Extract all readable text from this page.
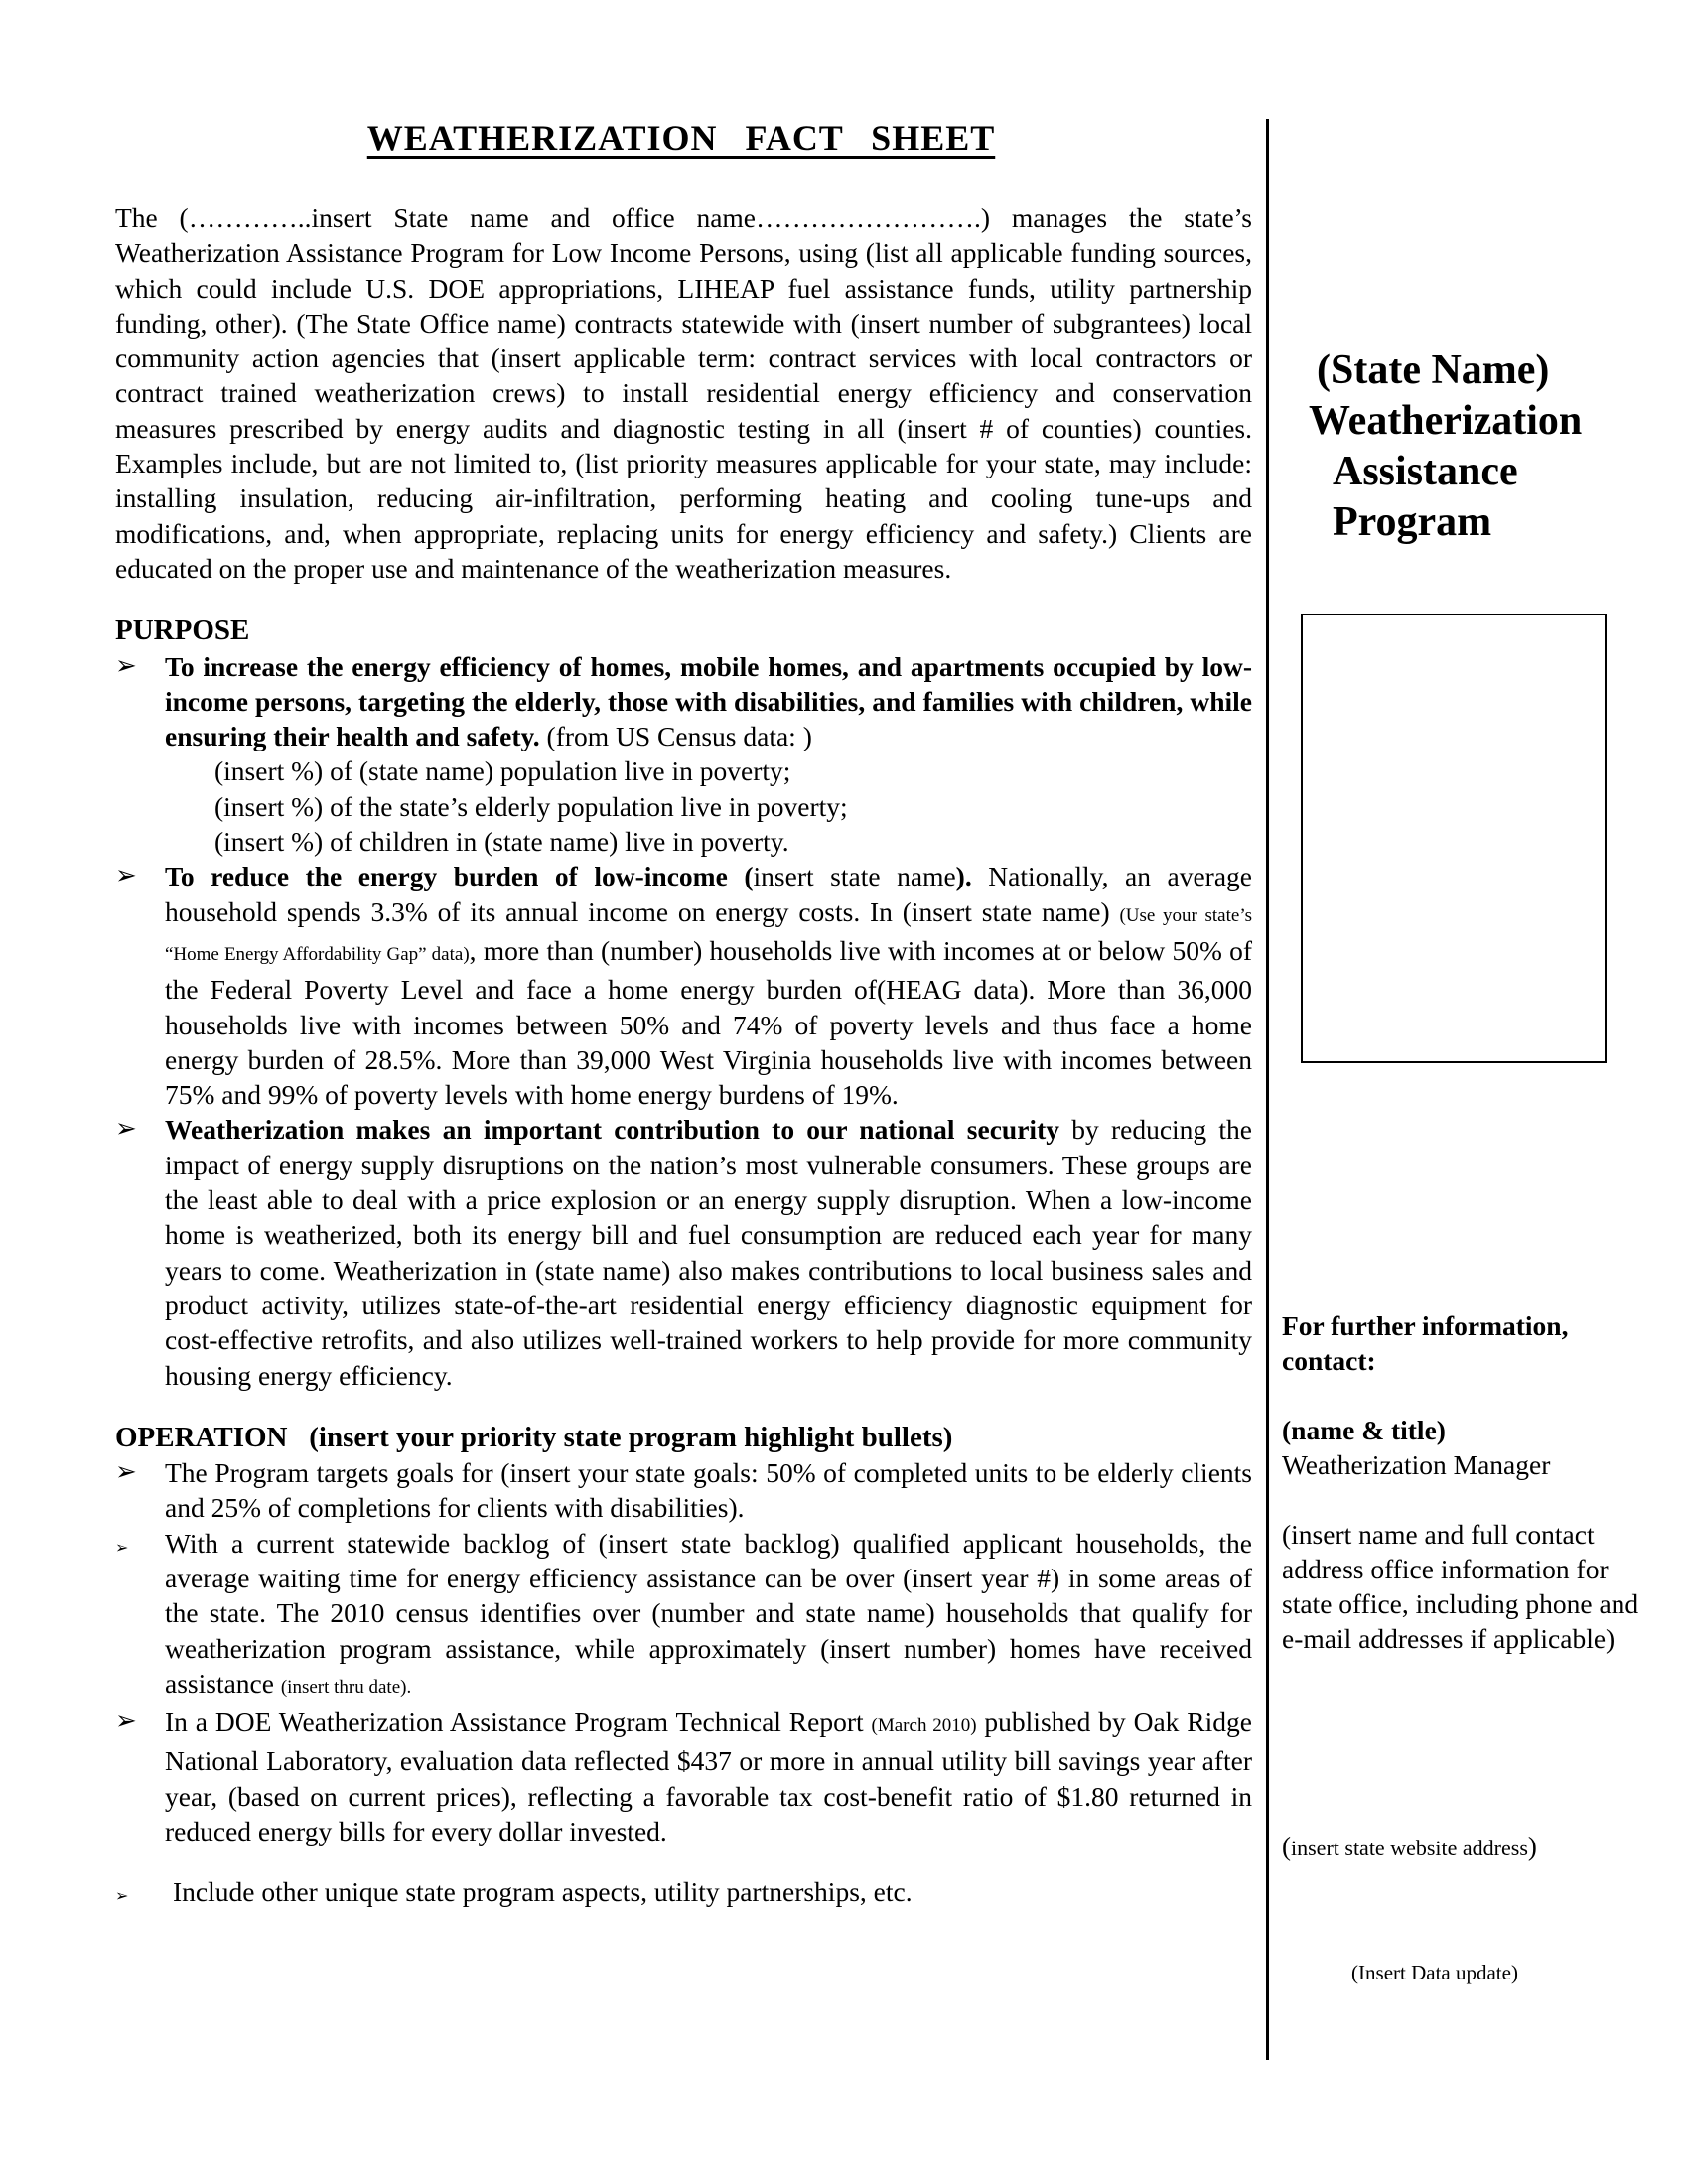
WEATHERIZATION FACT SHEET

The (…………..insert State name and office name…………………….) manages the state’s Weatherization Assistance Program for Low Income Persons, using (list all applicable funding sources, which could include U.S. DOE appropriations, LIHEAP fuel assistance funds, utility partnership funding, other). (The State Office name) contracts statewide with (insert number of subgrantees) local community action agencies that (insert applicable term: contract services with local contractors or contract trained weatherization crews) to install residential energy efficiency and conservation measures prescribed by energy audits and diagnostic testing in all (insert # of counties) counties. Examples include, but are not limited to, (list priority measures applicable for your state, may include: installing insulation, reducing air-infiltration, performing heating and cooling tune-ups and modifications, and, when appropriate, replacing units for energy efficiency and safety.) Clients are educated on the proper use and maintenance of the weatherization measures.

PURPOSE

➢	To increase the energy efficiency of homes, mobile homes, and apartments occupied by low-income persons, targeting the elderly, those with disabilities, and families with children, while ensuring their health and safety. (from US Census data: )

(insert %) of (state name) population live in poverty;

(insert %) of the state’s elderly population live in poverty;

(insert %) of children in (state name) live in poverty.

➢	To reduce the energy burden of low-income (insert state name). Nationally, an average household spends 3.3% of its annual income on energy costs. In (insert state name) (Use your state’s “Home Energy Affordability Gap” data), more than (number) households live with incomes at or below 50% of the Federal Poverty Level and face a home energy burden of(HEAG data). More than 36,000 households live with incomes between 50% and 74% of poverty levels and thus face a home energy burden of 28.5%. More than 39,000 West Virginia households live with incomes between 75% and 99% of poverty levels with home energy burdens of 19%.
➢	Weatherization makes an important contribution to our national security by reducing the impact of energy supply disruptions on the nation’s most vulnerable consumers. These groups are the least able to deal with a price explosion or an energy supply disruption. When a low-income home is weatherized, both its energy bill and fuel consumption are reduced each year for many years to come. Weatherization in (state name) also makes contributions to local business sales and product activity, utilizes state-of-the-art residential energy efficiency diagnostic equipment for cost-effective retrofits, and also utilizes well-trained workers to help provide for more community housing energy efficiency.

OPERATION (insert your priority state program highlight bullets)

➢	The Program targets goals for (insert your state goals: 50% of completed units to be elderly clients and 25% of completions for clients with disabilities).
➢	With a current statewide backlog of (insert state backlog) qualified applicant households, the average waiting time for energy efficiency assistance can be over (insert year #) in some areas of the state. The 2010 census identifies over (number and state name) households that qualify for weatherization program assistance, while approximately (insert number) homes have received assistance (insert thru date).
➢	In a DOE Weatherization Assistance Program Technical Report (March 2010) published by Oak Ridge National Laboratory, evaluation data reflected $437 or more in annual utility bill savings year after year, (based on current prices), reflecting a favorable tax cost-benefit ratio of $1.80 returned in reduced energy bills for every dollar invested.
➢	Include other unique state program aspects, utility partnerships, etc.
(State Name)
Weatherization
Assistance
Program

For further information, contact:

(name & title)

Weatherization Manager

(insert name and full contact address office information for state office, including phone and e-mail addresses if applicable)

(insert state website address)
(Insert Data update)
